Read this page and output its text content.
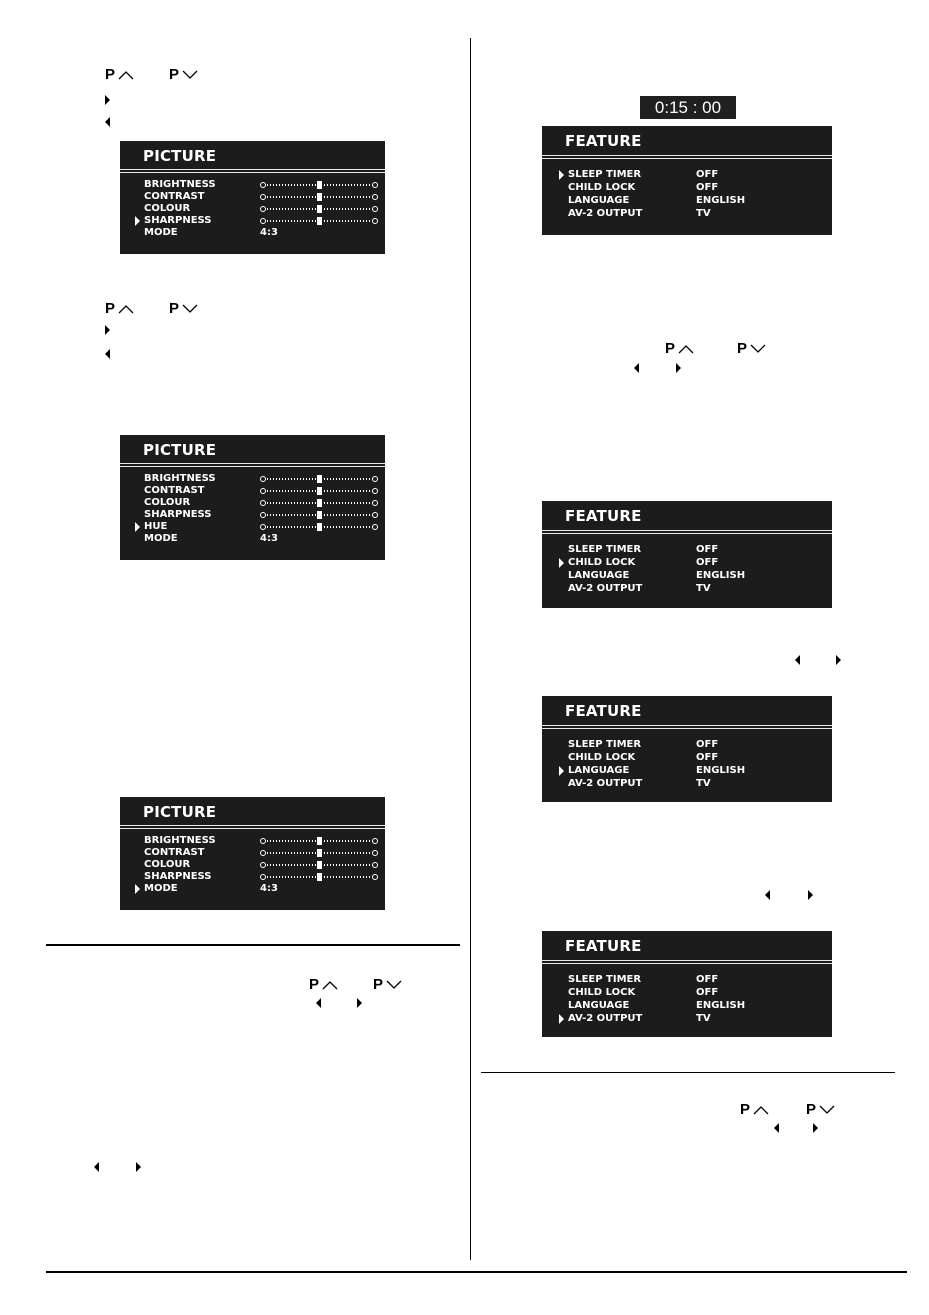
0:15 : 00
P	P
P	P
P	P
P	P
P	P
PICTURE
BRIGHTNESS
CONTRAST
COLOUR
SHARPNESS
MODE	4:3
PICTURE
BRIGHTNESS
CONTRAST
COLOUR
SHARPNESS
HUE
MODE	4:3
PICTURE
BRIGHTNESS
CONTRAST
COLOUR
SHARPNESS
MODE	4:3
FEATURE
SLEEP TIMER	OFF
CHILD LOCK	OFF
LANGUAGE	ENGLISH
AV-2 OUTPUT	TV
FEATURE
SLEEP TIMER	OFF
CHILD LOCK	OFF
LANGUAGE	ENGLISH
AV-2 OUTPUT	TV
FEATURE
SLEEP TIMER	OFF
CHILD LOCK	OFF
LANGUAGE	ENGLISH
AV-2 OUTPUT	TV
FEATURE
SLEEP TIMER	OFF
CHILD LOCK	OFF
LANGUAGE	ENGLISH
AV-2 OUTPUT	TV
